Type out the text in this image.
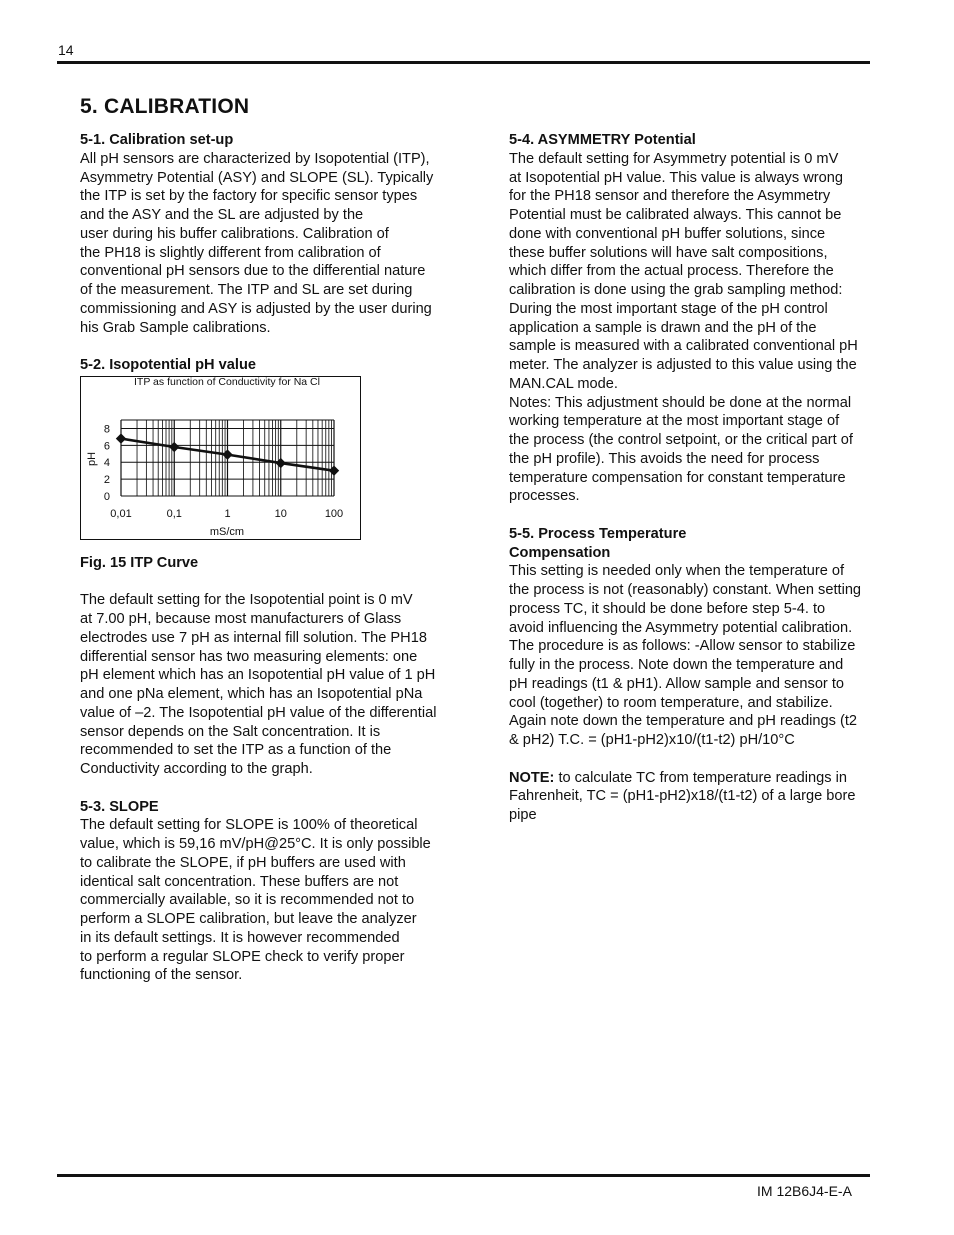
14
5. CALIBRATION
5-1. Calibration set-up

All pH sensors are characterized by Isopotential (ITP),
Asymmetry Potential (ASY) and SLOPE (SL). Typically
the ITP is set by the factory for specific sensor types
and the ASY and the SL are adjusted by the
user during his buffer calibrations. Calibration of
the PH18 is slightly different from calibration of
conventional pH sensors due to the differential nature
of the measurement. The ITP and SL are set during
commissioning and ASY is adjusted by the user during
his Grab Sample calibrations.

5-2. Isopotential pH value
ITP as function of Conductivity for Na Cl
0
2
4
6
8
0,01	0,1	1	10	100
mS/cm
pH

Fig. 15 ITP Curve

The default setting for the Isopotential point is 0 mV
at 7.00 pH, because most manufacturers of Glass
electrodes use 7 pH as internal fill solution. The PH18
differential sensor has two measuring elements: one
pH element which has an Isopotential pH value of 1 pH
and one pNa element, which has an Isopotential pNa
value of –2. The Isopotential pH value of the differential
sensor depends on the Salt concentration. It is
recommended to set the ITP as a function of the
Conductivity according to the graph.

5-3. SLOPE

The default setting for SLOPE is 100% of theoretical
value, which is 59,16 mV/pH@25°C. It is only possible
to calibrate the SLOPE, if pH buffers are used with
identical salt concentration. These buffers are not
commercially available, so it is recommended not to
perform a SLOPE calibration, but leave the analyzer
in its default settings. It is however recommended
to perform a regular SLOPE check to verify proper
functioning of the sensor.

5-4. ASYMMETRY Potential

The default setting for Asymmetry potential is 0 mV
at Isopotential pH value. This value is always wrong
for the PH18 sensor and therefore the Asymmetry
Potential must be calibrated always. This cannot be
done with conventional pH buffer solutions, since
these buffer solutions will have salt compositions,
which differ from the actual process. Therefore the
calibration is done using the grab sampling method:
During the most important stage of the pH control
application a sample is drawn and the pH of the
sample is measured with a calibrated conventional pH
meter. The analyzer is adjusted to this value using the
MAN.CAL mode.
Notes: This adjustment should be done at the normal
working temperature at the most important stage of
the process (the control setpoint, or the critical part of
the pH profile). This avoids the need for process
temperature compensation for constant temperature
processes.

5-5. Process Temperature
Compensation

This setting is needed only when the temperature of
the process is not (reasonably) constant. When setting
process TC, it should be done before step 5-4. to
avoid influencing the Asymmetry potential calibration.
The procedure is as follows: -Allow sensor to stabilize
fully in the process. Note down the temperature and
pH readings (t1 & pH1). Allow sample and sensor to
cool (together) to room temperature, and stabilize.
Again note down the temperature and pH readings (t2
& pH2) T.C. = (pH1-pH2)x10/(t1-t2) pH/10°C

NOTE: to calculate TC from temperature readings in
Fahrenheit, TC = (pH1-pH2)x18/(t1-t2) of a large bore
pipe

IM 12B6J4-E-A
